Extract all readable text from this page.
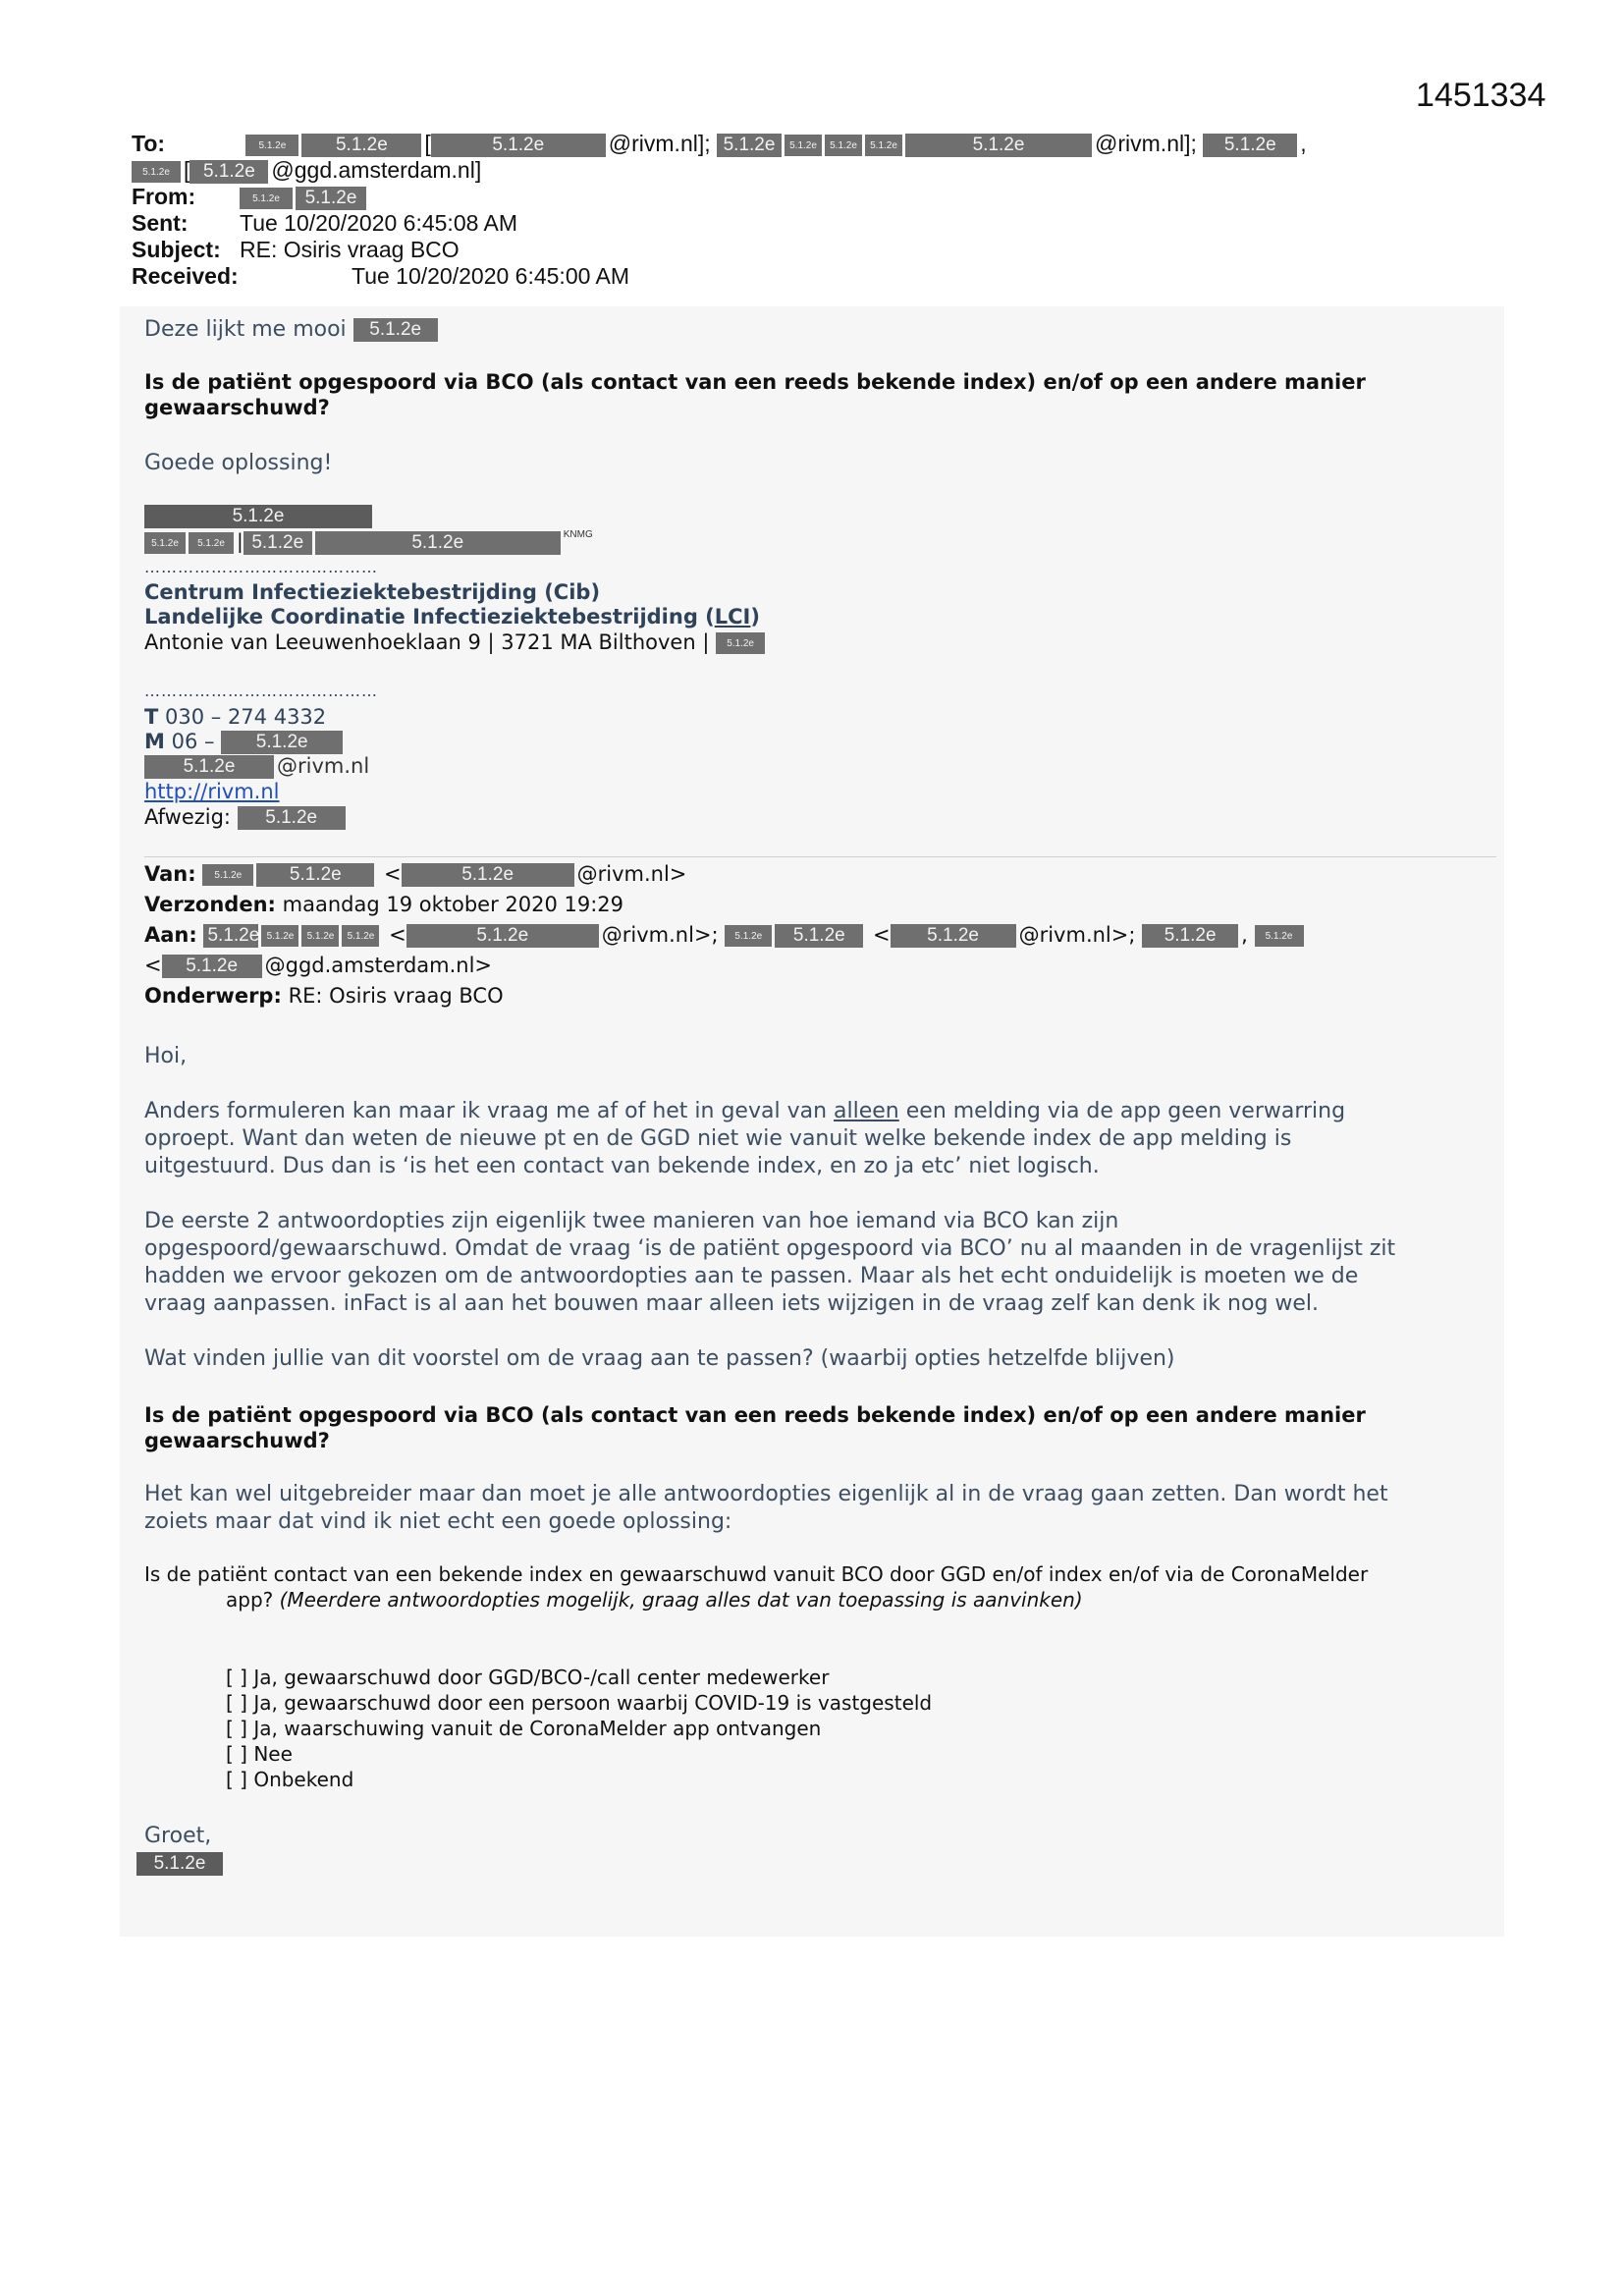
1451334
To:	5.1.2e	5.1.2e [	5.1.2e	@rivm.nl]; 5.1.2e 5.1.2e 5.1.2e 5.1.2e	5.1.2e	@rivm.nl]; 5.1.2e ,
5.1.2e [ 5.1.2e @ggd.amsterdam.nl]
From:	5.1.2e 5.1.2e
Sent: Tue 10/20/2020 6:45:08 AM
Subject: RE: Osiris vraag BCO
Received:	Tue 10/20/2020 6:45:00 AM
Deze lijkt me mooi 5.1.2e
Is de patiënt opgespoord via BCO (als contact van een reeds bekende index) en/of op een andere manier
gewaarschuwd?
Goede oplossing!
5.1.2e
5.1.2e 5.1.2e | 5.1.2e	5.1.2e	$^{KNMG}$
……………………………………
Centrum Infectieziektebestrijding (Cib)
Landelijke Coordinatie Infectieziektebestrijding (LCI)
Antonie van Leeuwenhoeklaan 9 | 3721 MA Bilthoven | 5.1.2e
……………………………………
T 030 – 274 4332
M 06 – 5.1.2e
5.1.2e @rivm.nl
http://rivm.nl
Afwezig: 5.1.2e
Van: 5.1.2e	5.1.2e <	5.1.2e	@rivm.nl>
Verzonden: maandag 19 oktober 2020 19:29
Aan: 5.1.2e 5.1.2e 5.1.2e 5.1.2e <	5.1.2e	@rivm.nl>; 5.1.2e 5.1.2e < 5.1.2e @rivm.nl>; 5.1.2e , 5.1.2e
< 5.1.2e @ggd.amsterdam.nl>
Onderwerp: RE: Osiris vraag BCO
Hoi,
Anders formuleren kan maar ik vraag me af of het in geval van alleen een melding via de app geen verwarring
oproept. Want dan weten de nieuwe pt en de GGD niet wie vanuit welke bekende index de app melding is
uitgestuurd. Dus dan is ‘is het een contact van bekende index, en zo ja etc’ niet logisch.
De eerste 2 antwoordopties zijn eigenlijk twee manieren van hoe iemand via BCO kan zijn
opgespoord/gewaarschuwd. Omdat de vraag ‘is de patiënt opgespoord via BCO’ nu al maanden in de vragenlijst zit
hadden we ervoor gekozen om de antwoordopties aan te passen. Maar als het echt onduidelijk is moeten we de
vraag aanpassen. inFact is al aan het bouwen maar alleen iets wijzigen in de vraag zelf kan denk ik nog wel.
Wat vinden jullie van dit voorstel om de vraag aan te passen? (waarbij opties hetzelfde blijven)
Is de patiënt opgespoord via BCO (als contact van een reeds bekende index) en/of op een andere manier
gewaarschuwd?
Het kan wel uitgebreider maar dan moet je alle antwoordopties eigenlijk al in de vraag gaan zetten. Dan wordt het
zoiets maar dat vind ik niet echt een goede oplossing:
Is de patiënt contact van een bekende index en gewaarschuwd vanuit BCO door GGD en/of index en/of via de CoronaMelder
app? (Meerdere antwoordopties mogelijk, graag alles dat van toepassing is aanvinken)
[ ] Ja, gewaarschuwd door GGD/BCO-/call center medewerker
[ ] Ja, gewaarschuwd door een persoon waarbij COVID-19 is vastgesteld
[ ] Ja, waarschuwing vanuit de CoronaMelder app ontvangen
[ ] Nee
[ ] Onbekend
Groet,
5.1.2e
